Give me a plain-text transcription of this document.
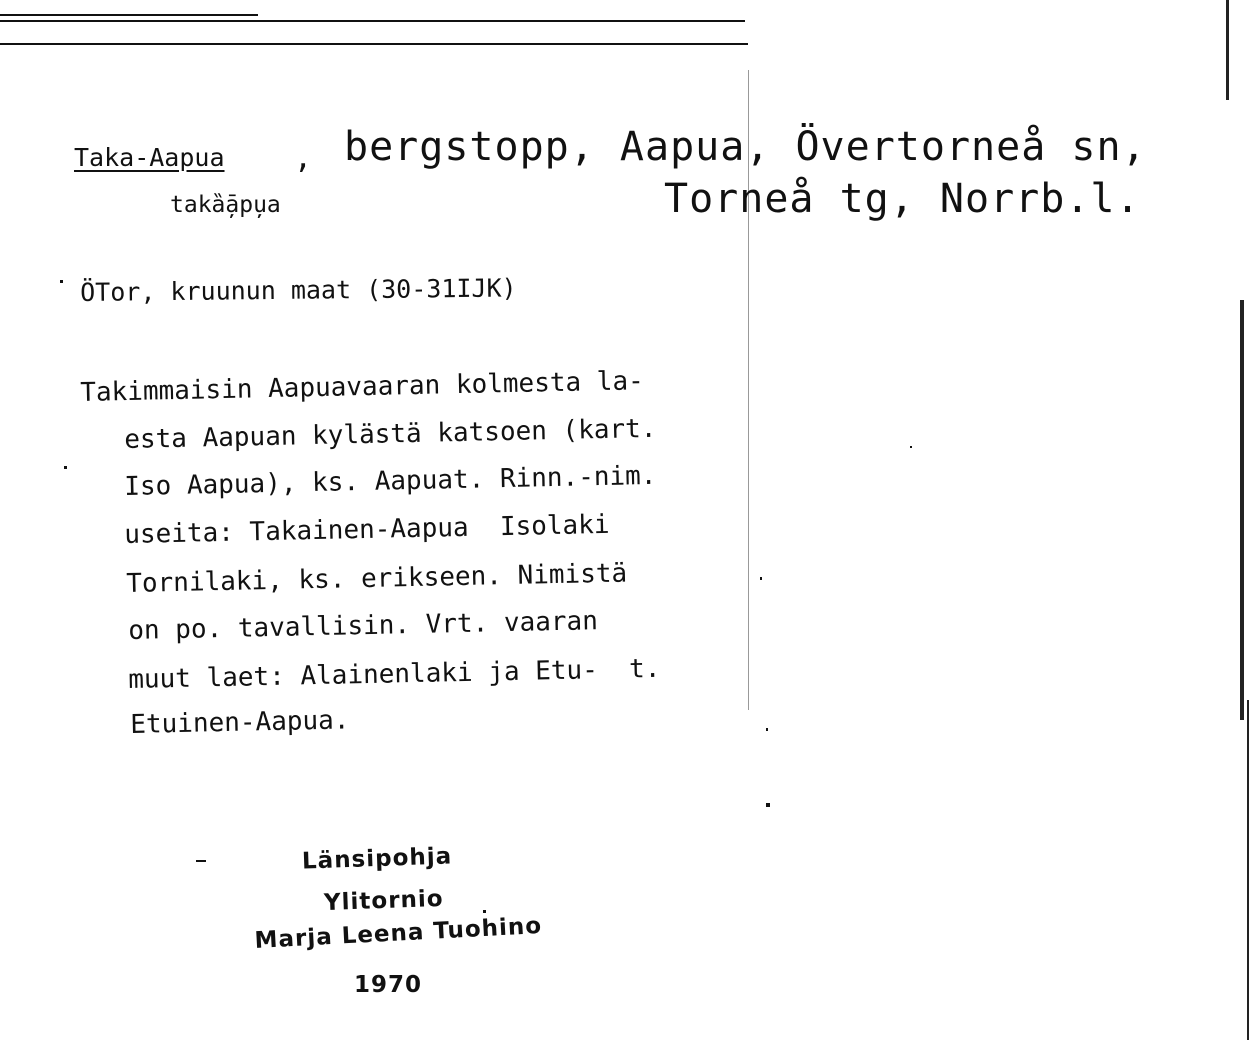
Taka-Aapua , bergstopp, Aapua, Övertorneå sn,
Torneå tg, Norrb.l.
takȁ̦āpu̦a
ÖTor, kruunun maat (30-31IJK)
Takimmaisin Aapuavaaran kolmesta la-
esta Aapuan kylästä katsoen (kart.
Iso Aapua), ks. Aapuat. Rinn.-nim.
useita: Takainen-Aapua  Isolaki
Tornilaki, ks. erikseen. Nimistä
on po. tavallisin. Vrt. vaaran
muut laet: Alainenlaki ja Etu-  t.
Etuinen-Aapua.
Länsipohja
Ylitornio
Marja Leena Tuohino
1970
